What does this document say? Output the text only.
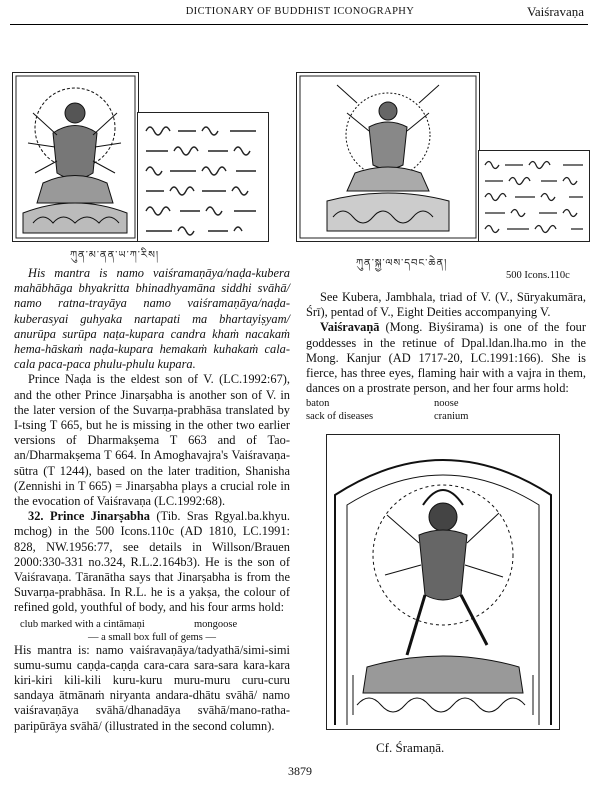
DICTIONARY OF BUDDHIST ICONOGRAPHY	Vaiśravaṇa
ཀུན་མ་ནན་ཡ་ཀ་རིས།
ཀུན་སྐྱ་ལས་དབང་ཆེན།
500 Icons.110c

His mantra is namo vaiśramaṇāya/naḍa-kubera mahābhāga bhyakritta bhinadhyamāna siddhi svāhā/ namo ratna-trayāya namo vaiśramaṇāya/naḍa-kuberasyai guhyaka nartapati ma bhartayiṣyam/ anurūpa surūpa naṭa-kupara candra khaṁ nacakaṁ hema-hāskaṁ naḍa-kupara hemakaṁ kuhakaṁ cala-cala paca-paca phulu-phulu kupara.

Prince Naḍa is the eldest son of V. (LC.1992:67), and the other Prince Jinarṣabha is another son of V. in the later version of the Suvarṇa-prabhāsa translated by I-tsing T 665, but he is missing in the other two earlier versions of Dharmakṣema T 663 and of Tao-an/Dharmakṣema T 664. In Amoghavajra's Vaiśravaṇa-sūtra (T 1244), based on the later tradition, Shanisha (Zennishi in T 665) = Jinarṣabha plays a crucial role in the evocation of Vaiśravaṇa (LC.1992:68).

32. Prince Jinarṣabha (Tib. Sras Rgyal.ba.khyu. mchog) in the 500 Icons.110c (AD 1810, LC.1991: 828, NW.1956:77, see details in Willson/Brauen 2000:330-331 no.324, R.L.2.164b3). He is the son of Vaiśravaṇa. Tāranātha says that Jinarṣabha is from the Suvarṇa-prabhāsa. In R.L. he is a yakṣa, the colour of refined gold, youthful of body, and his four arms hold:

club marked with a cintāmaṇi	mongoose
— a small box full of gems —

His mantra is: namo vaiśravaṇāya/tadyathā/simi-simi sumu-sumu caṇḍa-caṇḍa cara-cara sara-sara kara-kara kiri-kiri kili-kili kuru-kuru muru-muru curu-curu sandaya ātmānaṁ niryanta andara-dhātu svāhā/ namo vaiśravaṇāya svāhā/dhanadāya svāhā/mano-ratha-paripūrāya svāhā/ (illustrated in the second column).

See Kubera, Jambhala, triad of V. (V., Sūryakumāra, Śrī), pentad of V., Eight Deities accompanying V.

Vaiśravaṇā (Mong. Biyśirama) is one of the four goddesses in the retinue of Dpal.ldan.lha.mo in the Mong. Kanjur (AD 1717-20, LC.1991:166). She is fierce, has three eyes, flaming hair with a vajra in them, dances on a prostrate person, and her four arms hold:

baton	noose
sack of diseases	cranium
Cf. Śramaṇā.
3879
